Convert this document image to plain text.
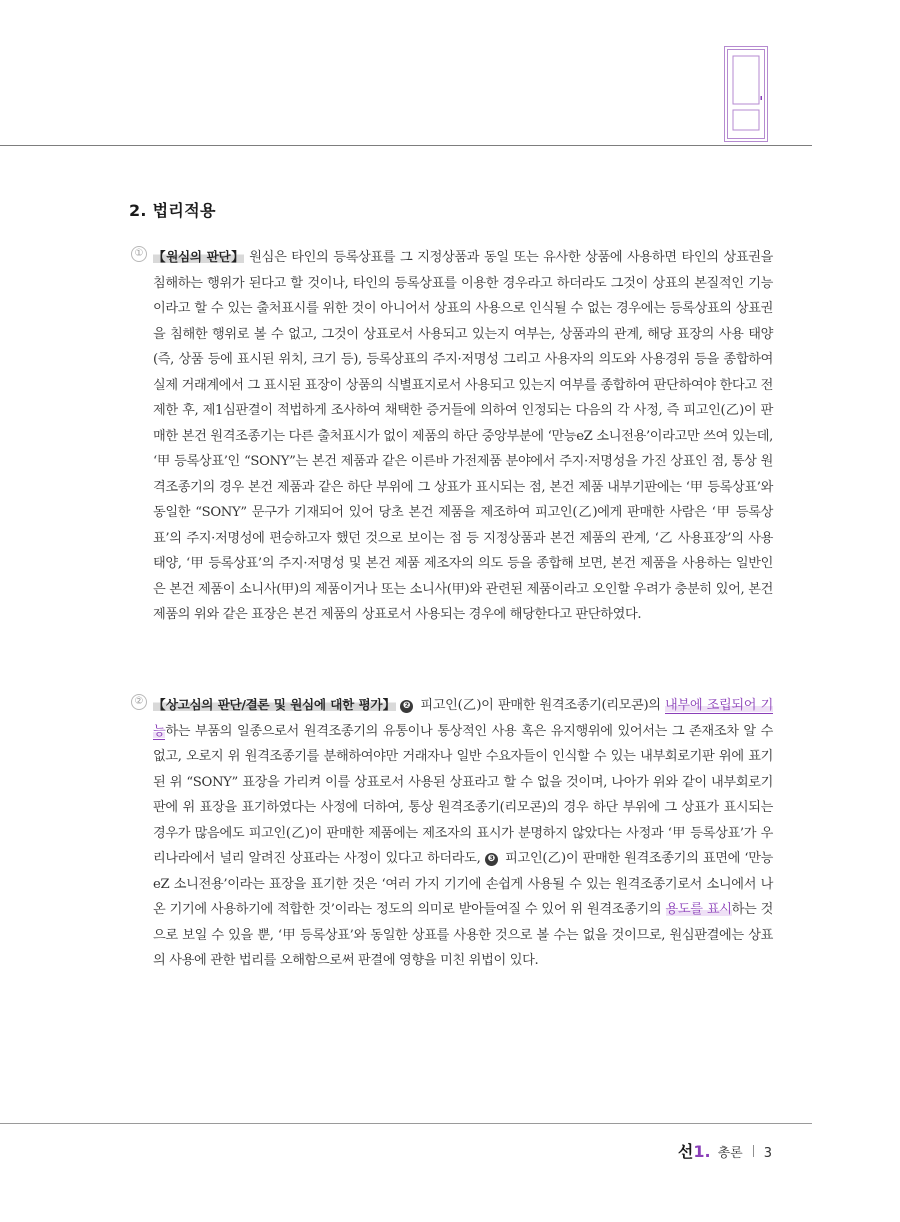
2. 법리적용
① 【원심의 판단】 원심은 타인의 등록상표를 그 지정상품과 동일 또는 유사한 상품에 사용하면 타인의 상표권을 침해하는 행위가 된다고 할 것이나, 타인의 등록상표를 이용한 경우라고 하더라도 그것이 상표의 본질적인 기능이라고 할 수 있는 출처표시를 위한 것이 아니어서 상표의 사용으로 인식될 수 없는 경우에는 등록상표의 상표권을 침해한 행위로 볼 수 없고, 그것이 상표로서 사용되고 있는지 여부는, 상품과의 관계, 해당 표장의 사용 태양(즉, 상품 등에 표시된 위치, 크기 등), 등록상표의 주지·저명성 그리고 사용자의 의도와 사용경위 등을 종합하여 실제 거래계에서 그 표시된 표장이 상품의 식별표지로서 사용되고 있는지 여부를 종합하여 판단하여야 한다고 전제한 후, 제1심판결이 적법하게 조사하여 채택한 증거들에 의하여 인정되는 다음의 각 사정, 즉 피고인(乙)이 판매한 본건 원격조종기는 다른 출처표시가 없이 제품의 하단 중앙부분에 ‘만능eZ 소니전용’이라고만 쓰여 있는데, ‘甲 등록상표’인 “SONY”는 본건 제품과 같은 이른바 가전제품 분야에서 주지·저명성을 가진 상표인 점, 통상 원격조종기의 경우 본건 제품과 같은 하단 부위에 그 상표가 표시되는 점, 본건 제품 내부기판에는 ‘甲 등록상표’와 동일한 “SONY” 문구가 기재되어 있어 당초 본건 제품을 제조하여 피고인(乙)에게 판매한 사람은 ‘甲 등록상표’의 주지·저명성에 편승하고자 했던 것으로 보이는 점 등 지정상품과 본건 제품의 관계, ‘乙 사용표장’의 사용 태양, ‘甲 등록상표’의 주지·저명성 및 본건 제품 제조자의 의도 등을 종합해 보면, 본건 제품을 사용하는 일반인은 본건 제품이 소니사(甲)의 제품이거나 또는 소니사(甲)와 관련된 제품이라고 오인할 우려가 충분히 있어, 본건 제품의 위와 같은 표장은 본건 제품의 상표로서 사용되는 경우에 해당한다고 판단하였다.

② 【상고심의 판단/결론 및 원심에 대한 평가】 ❷ 피고인(乙)이 판매한 원격조종기(리모콘)의 내부에 조립되어 기능하는 부품의 일종으로서 원격조종기의 유통이나 통상적인 사용 혹은 유지행위에 있어서는 그 존재조차 알 수 없고, 오로지 위 원격조종기를 분해하여야만 거래자나 일반 수요자들이 인식할 수 있는 내부회로기판 위에 표기된 위 “SONY” 표장을 가리켜 이를 상표로서 사용된 상표라고 할 수 없을 것이며, 나아가 위와 같이 내부회로기판에 위 표장을 표기하였다는 사정에 더하여, 통상 원격조종기(리모콘)의 경우 하단 부위에 그 상표가 표시되는 경우가 많음에도 피고인(乙)이 판매한 제품에는 제조자의 표시가 분명하지 않았다는 사정과 ‘甲 등록상표’가 우리나라에서 널리 알려진 상표라는 사정이 있다고 하더라도, ❸ 피고인(乙)이 판매한 원격조종기의 표면에 ‘만능eZ 소니전용’이라는 표장을 표기한 것은 ‘여러 가지 기기에 손쉽게 사용될 수 있는 원격조종기로서 소니에서 나온 기기에 사용하기에 적합한 것’이라는 정도의 의미로 받아들여질 수 있어 위 원격조종기의 용도를 표시하는 것으로 보일 수 있을 뿐, ‘甲 등록상표’와 동일한 상표를 사용한 것으로 볼 수는 없을 것이므로, 원심판결에는 상표의 사용에 관한 법리를 오해함으로써 판결에 영향을 미친 위법이 있다.

선 1. 총론 3
